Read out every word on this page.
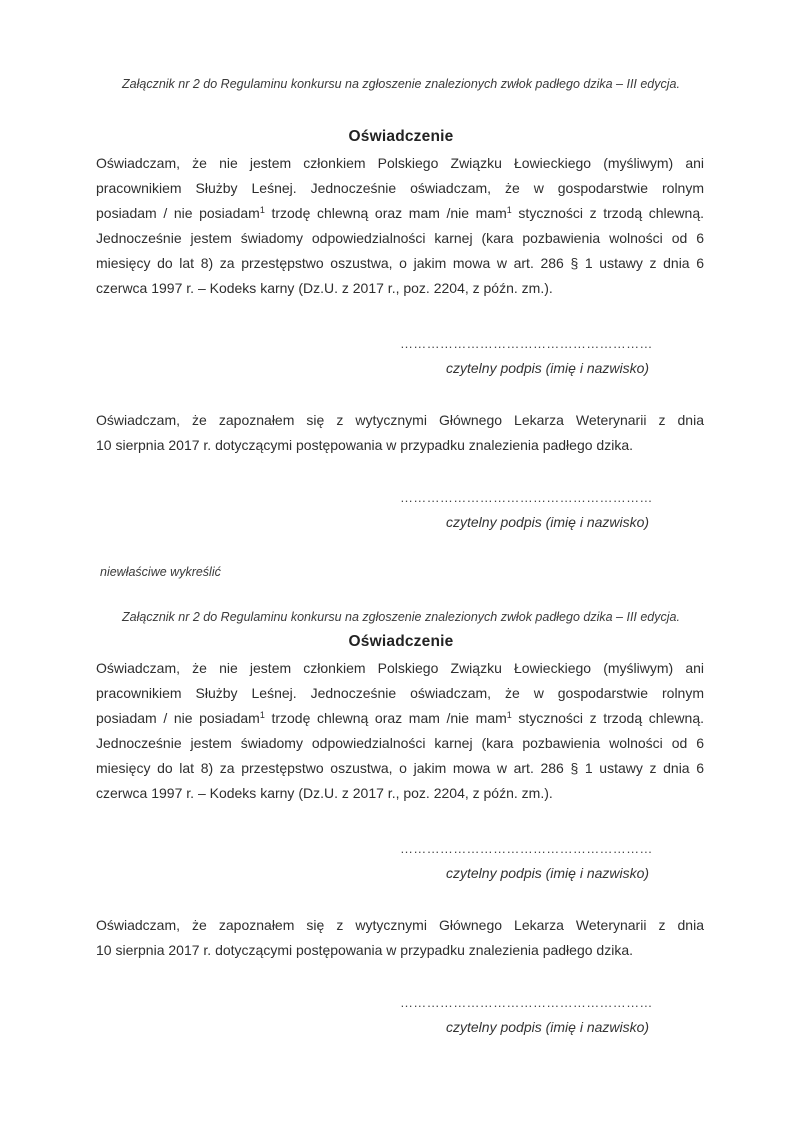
Załącznik nr 2 do Regulaminu konkursu na zgłoszenie znalezionych zwłok padłego dzika – III edycja.
Oświadczenie
Oświadczam, że nie jestem członkiem Polskiego Związku Łowieckiego (myśliwym) ani
pracownikiem Służby Leśnej. Jednocześnie oświadczam, że w gospodarstwie rolnym
posiadam / nie posiadam$^1$ trzodę chlewną oraz mam /nie mam$^1$ styczności z trzodą chlewną.
Jednocześnie jestem świadomy odpowiedzialności karnej (kara pozbawienia wolności od 6
miesięcy do lat 8) za przestępstwo oszustwa, o jakim mowa w art. 286 § 1 ustawy z dnia 6
czerwca 1997 r. – Kodeks karny (Dz.U. z 2017 r., poz. 2204, z późn. zm.).
…………………………………………………
czytelny podpis (imię i nazwisko)
Oświadczam, że zapoznałem się z wytycznymi Głównego Lekarza Weterynarii z dnia
10 sierpnia 2017 r. dotyczącymi postępowania w przypadku znalezienia padłego dzika.
…………………………………………………
czytelny podpis (imię i nazwisko)
niewłaściwe wykreślić
Załącznik nr 2 do Regulaminu konkursu na zgłoszenie znalezionych zwłok padłego dzika – III edycja.
Oświadczenie
Oświadczam, że nie jestem członkiem Polskiego Związku Łowieckiego (myśliwym) ani
pracownikiem Służby Leśnej. Jednocześnie oświadczam, że w gospodarstwie rolnym
posiadam / nie posiadam$^1$ trzodę chlewną oraz mam /nie mam$^1$ styczności z trzodą chlewną.
Jednocześnie jestem świadomy odpowiedzialności karnej (kara pozbawienia wolności od 6
miesięcy do lat 8) za przestępstwo oszustwa, o jakim mowa w art. 286 § 1 ustawy z dnia 6
czerwca 1997 r. – Kodeks karny (Dz.U. z 2017 r., poz. 2204, z późn. zm.).
…………………………………………………
czytelny podpis (imię i nazwisko)
Oświadczam, że zapoznałem się z wytycznymi Głównego Lekarza Weterynarii z dnia
10 sierpnia 2017 r. dotyczącymi postępowania w przypadku znalezienia padłego dzika.
…………………………………………………
czytelny podpis (imię i nazwisko)
